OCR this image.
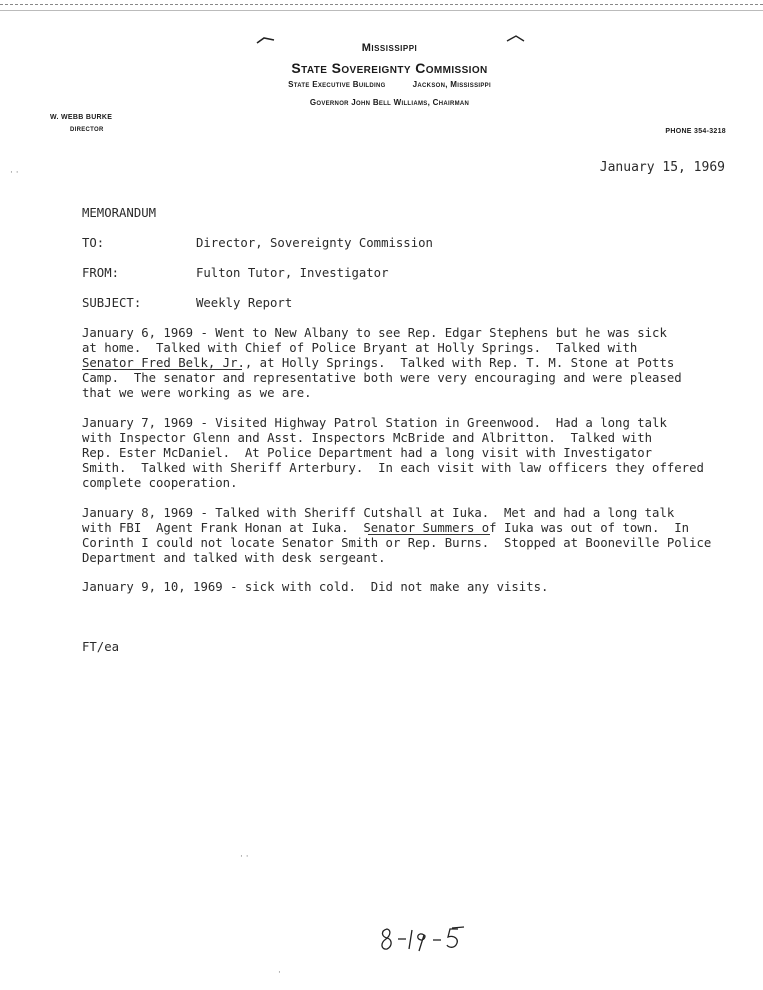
Mississippi
State Sovereignty Commission
State Executive Building	Jackson, Mississippi
Governor John Bell Williams, Chairman
W. WEBB BURKE
DIRECTOR	PHONE 354-3218
January 15, 1969
MEMORANDUM
TO:	Director, Sovereignty Commission
FROM:	Fulton Tutor, Investigator
SUBJECT:	Weekly Report
January 6, 1969 - Went to New Albany to see Rep. Edgar Stephens but he was sick
at home.  Talked with Chief of Police Bryant at Holly Springs.  Talked with
Senator Fred Belk, Jr., at Holly Springs.  Talked with Rep. T. M. Stone at Potts
Camp.  The senator and representative both were very encouraging and were pleased
that we were working as we are.
January 7, 1969 - Visited Highway Patrol Station in Greenwood.  Had a long talk
with Inspector Glenn and Asst. Inspectors McBride and Albritton.  Talked with
Rep. Ester McDaniel.  At Police Department had a long visit with Investigator
Smith.  Talked with Sheriff Arterbury.  In each visit with law officers they offered
complete cooperation.
January 8, 1969 - Talked with Sheriff Cutshall at Iuka.  Met and had a long talk
with FBI  Agent Frank Honan at Iuka.  Senator Summers of Iuka was out of town.  In
Corinth I could not locate Senator Smith or Rep. Burns.  Stopped at Booneville Police
Department and talked with desk sergeant.
January 9, 10, 1969 - sick with cold.  Did not make any visits.
FT/ea
· ·
· ·
·
